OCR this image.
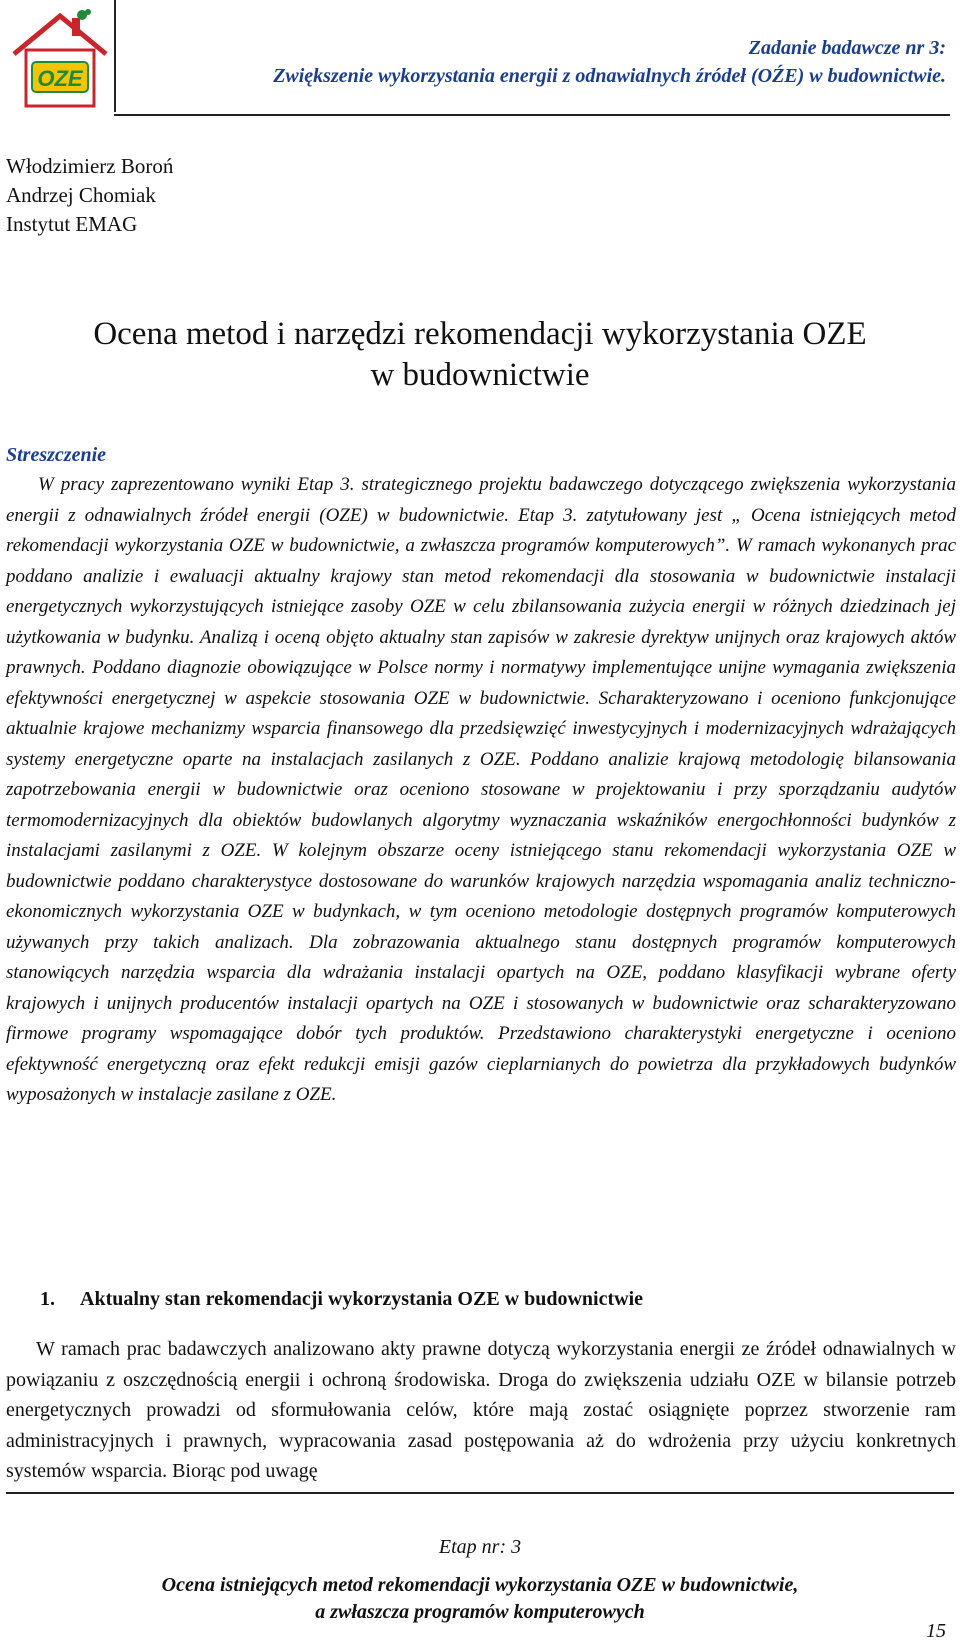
OZE
Zadanie badawcze nr 3:
Zwiększenie wykorzystania energii z odnawialnych źródeł (OŹE) w budownictwie.
Włodzimierz Boroń
Andrzej Chomiak
Instytut EMAG
Ocena metod i narzędzi rekomendacji wykorzystania OZE
w budownictwie
Streszczenie

W pracy zaprezentowano wyniki Etap 3. strategicznego projektu badawczego dotyczącego zwiększenia wykorzystania energii z odnawialnych źródeł energii (OZE) w budownictwie. Etap 3. zatytułowany jest „ Ocena istniejących metod rekomendacji wykorzystania OZE w budownictwie, a zwłaszcza programów komputerowych”. W ramach wykonanych prac poddano analizie i ewaluacji aktualny krajowy stan metod rekomendacji dla stosowania w budownictwie instalacji energetycznych wykorzystujących istniejące zasoby OZE w celu zbilansowania zużycia energii w różnych dziedzinach jej użytkowania w budynku. Analizą i oceną objęto aktualny stan zapisów w zakresie dyrektyw unijnych oraz krajowych aktów prawnych. Poddano diagnozie obowiązujące w Polsce normy i normatywy implementujące unijne wymagania zwiększenia efektywności energetycznej w aspekcie stosowania OZE w budownictwie. Scharakteryzowano i oceniono funkcjonujące aktualnie krajowe mechanizmy wsparcia finansowego dla przedsięwzięć inwestycyjnych i modernizacyjnych wdrażających systemy energetyczne oparte na instalacjach zasilanych z OZE. Poddano analizie krajową metodologię bilansowania zapotrzebowania energii w budownictwie oraz oceniono stosowane w projektowaniu i przy sporządzaniu audytów termomodernizacyjnych dla obiektów budowlanych algorytmy wyznaczania wskaźników energochłonności budynków z instalacjami zasilanymi z OZE. W kolejnym obszarze oceny istniejącego stanu rekomendacji wykorzystania OZE w budownictwie poddano charakterystyce dostosowane do warunków krajowych narzędzia wspomagania analiz techniczno-ekonomicznych wykorzystania OZE w budynkach, w tym oceniono metodologie dostępnych programów komputerowych używanych przy takich analizach. Dla zobrazowania aktualnego stanu dostępnych programów komputerowych stanowiących narzędzia wsparcia dla wdrażania instalacji opartych na OZE, poddano klasyfikacji wybrane oferty krajowych i unijnych producentów instalacji opartych na OZE i stosowanych w budownictwie oraz scharakteryzowano firmowe programy wspomagające dobór tych produktów. Przedstawiono charakterystyki energetyczne i oceniono efektywność energetyczną oraz efekt redukcji emisji gazów cieplarnianych do powietrza dla przykładowych budynków wyposażonych w instalacje zasilane z OZE.

1. Aktualny stan rekomendacji wykorzystania OZE w budownictwie

W ramach prac badawczych analizowano akty prawne dotyczą wykorzystania energii ze źródeł odnawialnych w powiązaniu z oszczędnością energii i ochroną środowiska. Droga do zwiększenia udziału OZE w bilansie potrzeb energetycznych prowadzi od sformułowania celów, które mają zostać osiągnięte poprzez stworzenie ram administracyjnych i prawnych, wypracowania zasad postępowania aż do wdrożenia przy użyciu konkretnych systemów wsparcia. Biorąc pod uwagę

Etap nr: 3
Ocena istniejących metod rekomendacji wykorzystania OZE w budownictwie,
a zwłaszcza programów komputerowych
15
